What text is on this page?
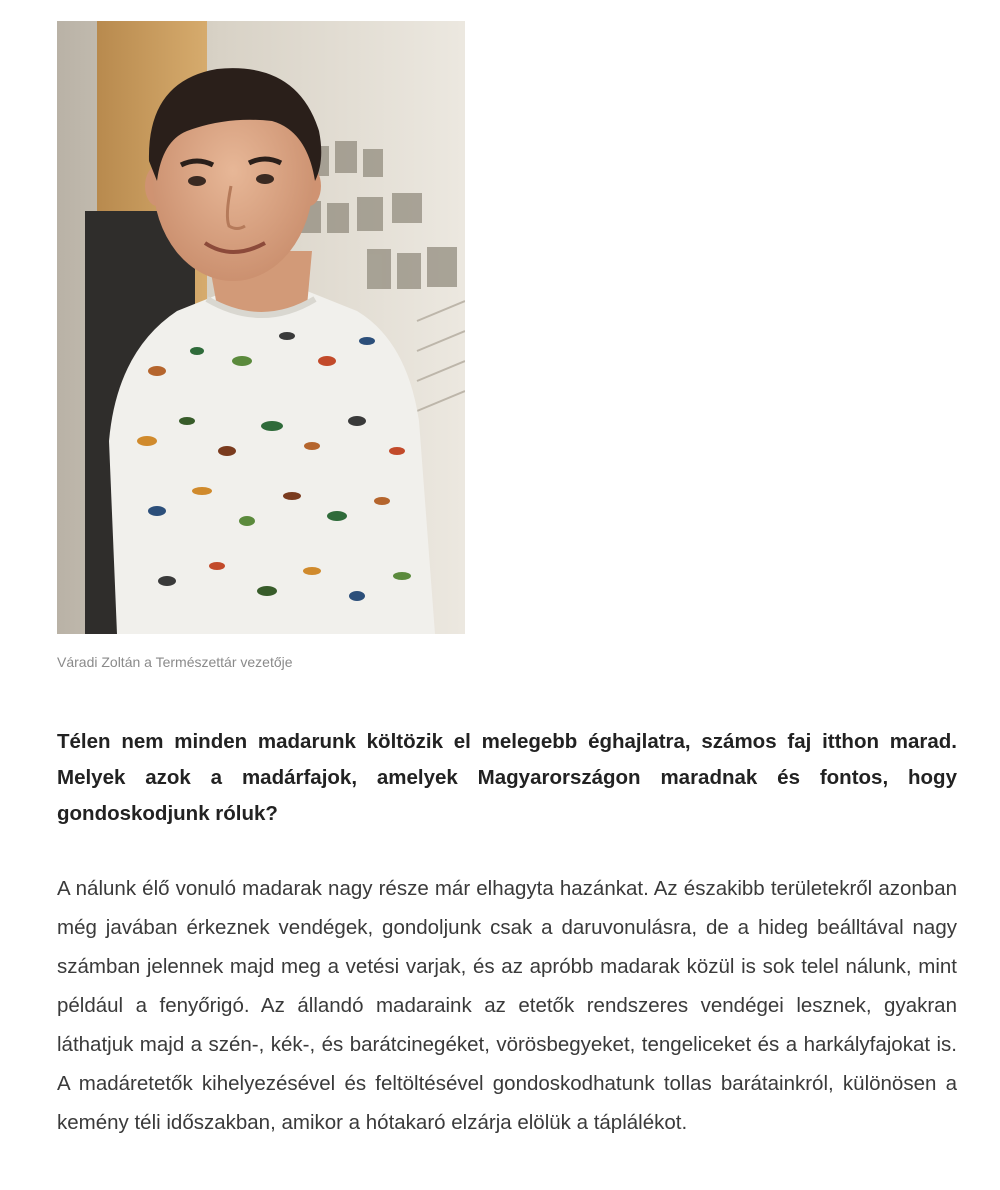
Váradi Zoltán a Természettár vezetője

Télen nem minden madarunk költözik el melegebb éghajlatra, számos faj itthon marad. Melyek azok a madárfajok, amelyek Magyarországon maradnak és fontos, hogy gondoskodjunk róluk?

A nálunk élő vonuló madarak nagy része már elhagyta hazánkat. Az északibb területekről azonban még javában érkeznek vendégek, gondoljunk csak a daruvonulásra, de a hideg beálltával nagy számban jelennek majd meg a vetési varjak, és az apróbb madarak közül is sok telel nálunk, mint például a fenyőrigó. Az állandó madaraink az etetők rendszeres vendégei lesznek, gyakran láthatjuk majd a szén-, kék-, és barátcinegéket, vörösbegyeket, tengeliceket és a harkályfajokat is. A madáretetők kihelyezésével és feltöltésével gondoskodhatunk tollas barátainkról, különösen a kemény téli időszakban, amikor a hótakaró elzárja elölük a táplálékot.
